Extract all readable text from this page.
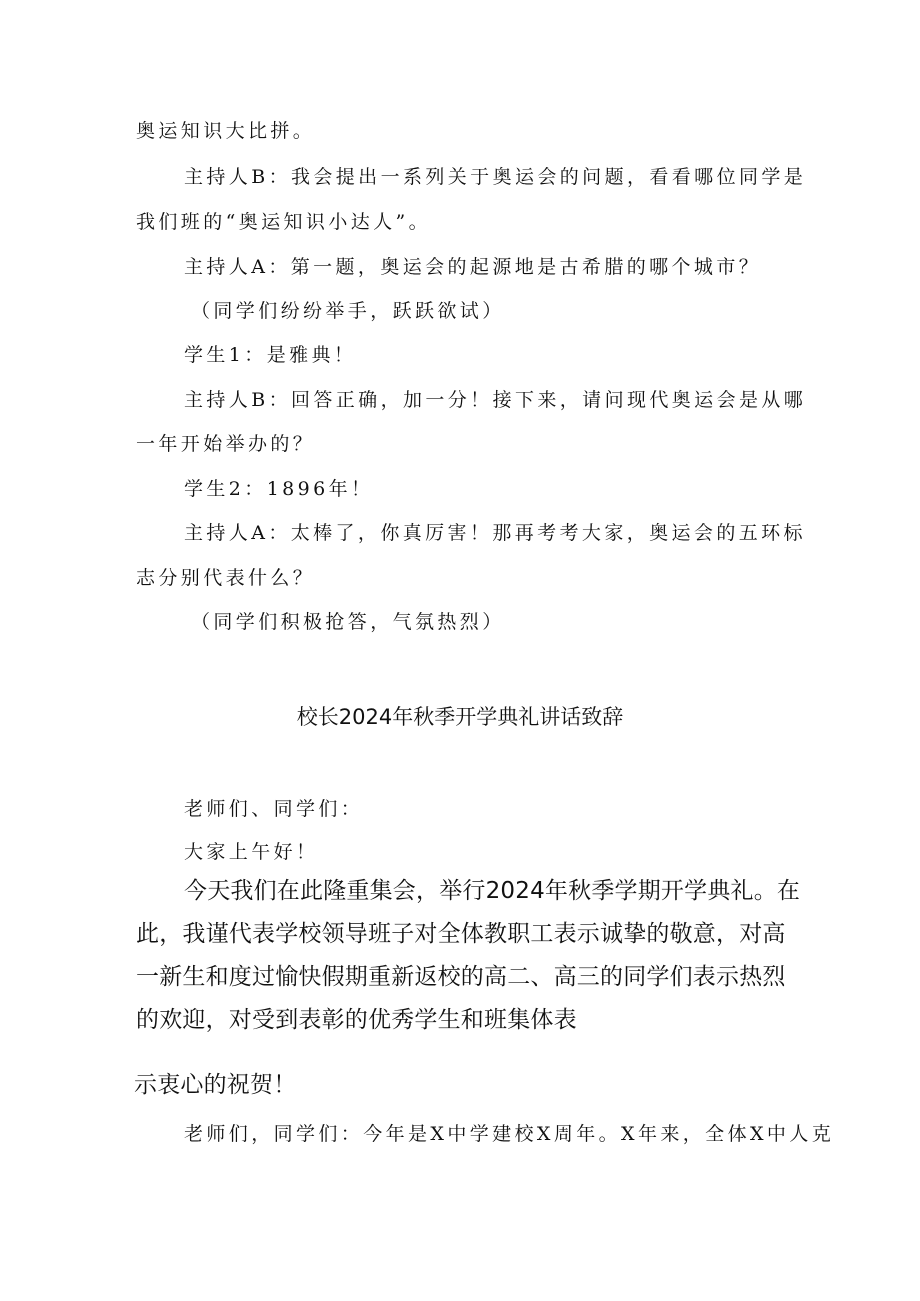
奥运知识大比拼。
主持人B：我会提出一系列关于奥运会的问题，看看哪位同学是
我们班的“奥运知识小达人”。
主持人A：第一题，奥运会的起源地是古希腊的哪个城市？
（同学们纷纷举手，跃跃欲试）
学生1：是雅典！
主持人B：回答正确，加一分！接下来，请问现代奥运会是从哪
一年开始举办的？
学生2：1896年！
主持人A：太棒了，你真厉害！那再考考大家，奥运会的五环标
志分别代表什么？
（同学们积极抢答，气氛热烈）
校长2024年秋季开学典礼讲话致辞
老师们、同学们：
大家上午好！
今天我们在此隆重集会，举行2024年秋季学期开学典礼。在
此，我谨代表学校领导班子对全体教职工表示诚挚的敬意，对高
一新生和度过愉快假期重新返校的高二、高三的同学们表示热烈
的欢迎，对受到表彰的优秀学生和班集体表
示衷心的祝贺！
老师们，同学们：今年是X中学建校X周年。X年来，全体X中人克
